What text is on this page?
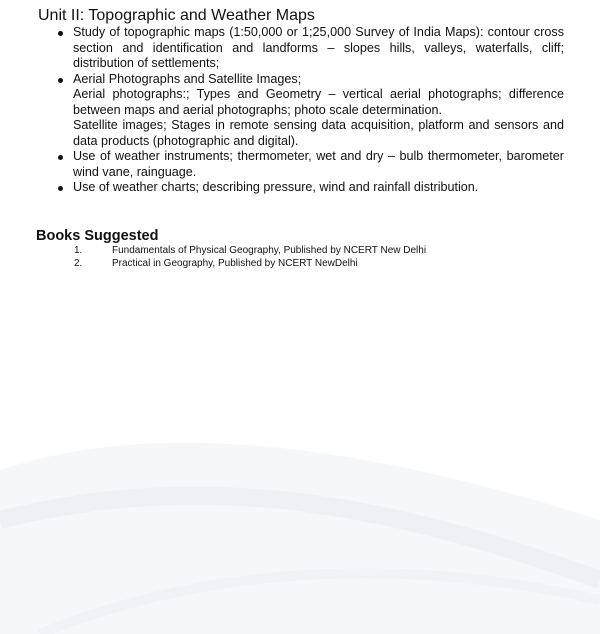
Unit II: Topographic and Weather Maps

Study of topographic maps (1:50,000 or 1;25,000 Survey of India Maps): contour cross section and identification and landforms – slopes hills, valleys, waterfalls, cliff; distribution of settlements;

Aerial Photographs and Satellite Images;

Aerial photographs:; Types and Geometry – vertical aerial photographs; difference between maps and aerial photographs; photo scale determination.

Satellite images; Stages in remote sensing data acquisition, platform and sensors and data products (photographic and digital).

Use of weather instruments; thermometer, wet and dry – bulb thermometer, barometer wind vane, rainguage.

Use of weather charts; describing pressure, wind and rainfall distribution.

Books Suggested
1.	Fundamentals of Physical Geography, Published by NCERT New Delhi
2.	Practical in Geography, Published by NCERT NewDelhi
